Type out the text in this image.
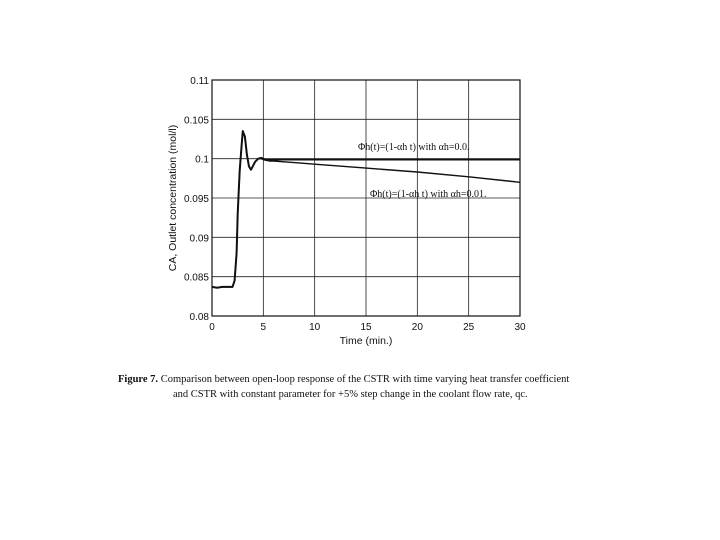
0	5	10	15	20	25	30
0.08
0.085
0.09
0.095
0.1
0.105
0.11
Time (min.)
CA, Outlet concentration (mol/l)	Φh(t)=(1-αh t) with αh=0.0.
Φh(t)=(1-αh t) with αh=0.01.
Figure 7. Comparison between open-loop response of the CSTR with time varying heat transfer coefficient
and CSTR with constant parameter for +5% step change in the coolant flow rate, qc.
